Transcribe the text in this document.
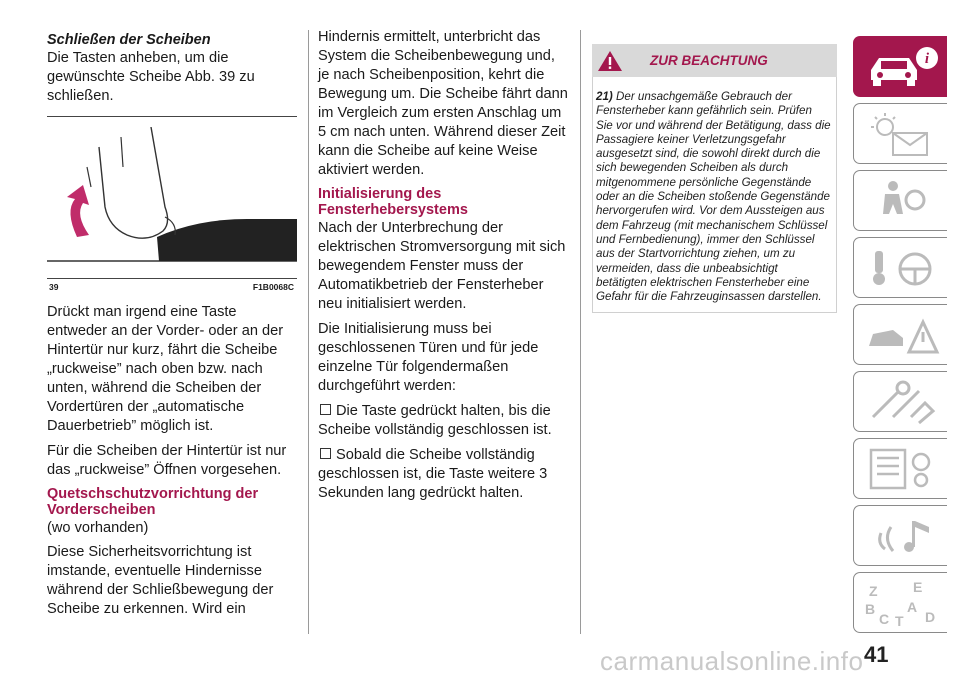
Schließen der Scheiben

Die Tasten anheben, um die gewünschte Scheibe Abb. 39 zu schließen.

39	F1B0068C

Drückt man irgend eine Taste entweder an der Vorder- oder an der Hintertür nur kurz, fährt die Scheibe „ruckweise” nach oben bzw. nach unten, während die Scheiben der Vordertüren der „automatische Dauerbetrieb” möglich ist.

Für die Scheiben der Hintertür ist nur das „ruckweise” Öffnen vorgesehen.

Quetschschutzvorrichtung der Vorderscheiben
(wo vorhanden)

Diese Sicherheitsvorrichtung ist imstande, eventuelle Hindernisse während der Schließbewegung der Scheibe zu erkennen. Wird ein

Hindernis ermittelt, unterbricht das System die Scheibenbewegung und, je nach Scheibenposition, kehrt die Bewegung um. Die Scheibe fährt dann im Vergleich zum ersten Anschlag um 5 cm nach unten. Während dieser Zeit kann die Scheibe auf keine Weise aktiviert werden.

Initialisierung des Fensterhebersystems

Nach der Unterbrechung der elektrischen Stromversorgung mit sich bewegendem Fenster muss der Automatikbetrieb der Fensterheber neu initialisiert werden.

Die Initialisierung muss bei geschlossenen Türen und für jede einzelne Tür folgendermaßen durchgeführt werden:

Die Taste gedrückt halten, bis die Scheibe vollständig geschlossen ist.

Sobald die Scheibe vollständig geschlossen ist, die Taste weitere 3 Sekunden lang gedrückt halten.

ZUR BEACHTUNG
21) Der unsachgemäße Gebrauch der Fensterheber kann gefährlich sein. Prüfen Sie vor und während der Betätigung, dass die Passagiere keiner Verletzungsgefahr ausgesetzt sind, die sowohl direkt durch die sich bewegenden Scheiben als durch mitgenommene persönliche Gegenstände oder an die Scheiben stoßende Gegenstände hervorgerufen wird. Vor dem Aussteigen aus dem Fahrzeug (mit mechanischem Schlüssel und Fernbedienung), immer den Schlüssel aus der Startvorrichtung ziehen, um zu vermeiden, dass die unbeabsichtigt betätigten elektrischen Fensterheber eine Gefahr für die Fahrzeuginsassen darstellen.
i
Z	E
B A
D
C T
carmanualsonline.info 41
